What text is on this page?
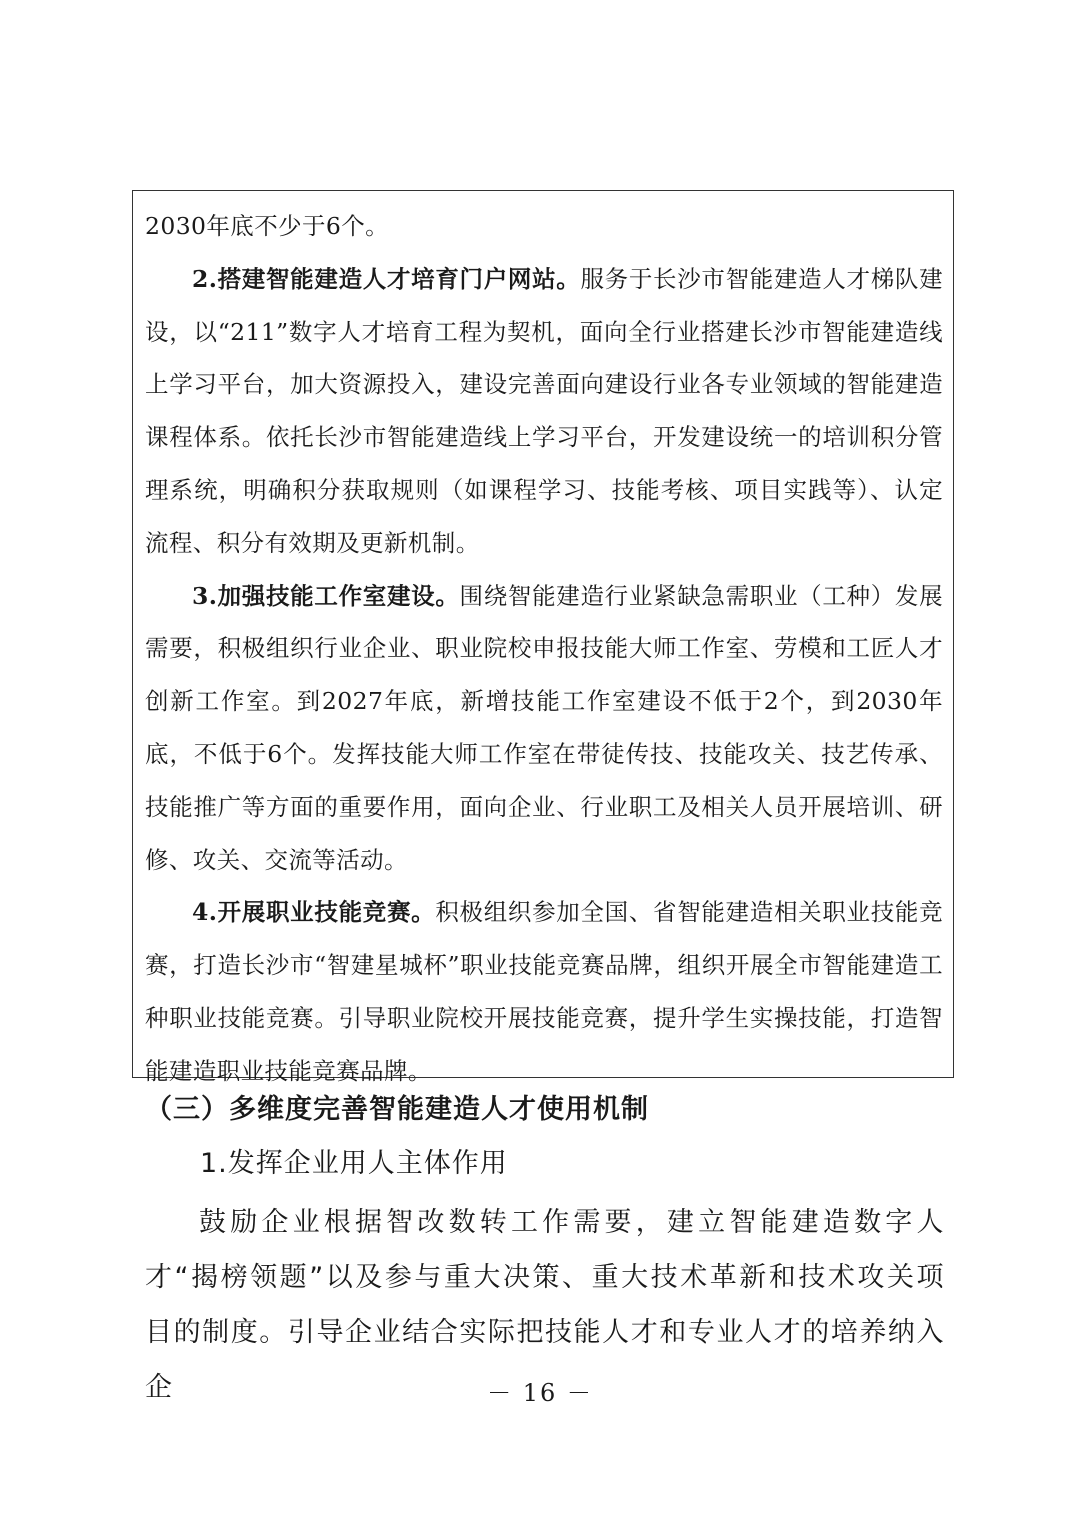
2030年底不少于6个。

2.搭建智能建造人才培育门户网站。服务于长沙市智能建造人才梯队建设，以“211”数字人才培育工程为契机，面向全行业搭建长沙市智能建造线上学习平台，加大资源投入，建设完善面向建设行业各专业领域的智能建造课程体系。依托长沙市智能建造线上学习平台，开发建设统一的培训积分管理系统，明确积分获取规则（如课程学习、技能考核、项目实践等）、认定流程、积分有效期及更新机制。

3.加强技能工作室建设。围绕智能建造行业紧缺急需职业（工种）发展需要，积极组织行业企业、职业院校申报技能大师工作室、劳模和工匠人才创新工作室。到2027年底，新增技能工作室建设不低于2个，到2030年底，不低于6个。发挥技能大师工作室在带徒传技、技能攻关、技艺传承、技能推广等方面的重要作用，面向企业、行业职工及相关人员开展培训、研修、攻关、交流等活动。

4.开展职业技能竞赛。积极组织参加全国、省智能建造相关职业技能竞赛，打造长沙市“智建星城杯”职业技能竞赛品牌，组织开展全市智能建造工种职业技能竞赛。引导职业院校开展技能竞赛，提升学生实操技能，打造智能建造职业技能竞赛品牌。

（三）多维度完善智能建造人才使用机制
1.发挥企业用人主体作用

鼓励企业根据智改数转工作需要，建立智能建造数字人才“揭榜领题”以及参与重大决策、重大技术革新和技术攻关项目的制度。引导企业结合实际把技能人才和专业人才的培养纳入企	－ 16 －
